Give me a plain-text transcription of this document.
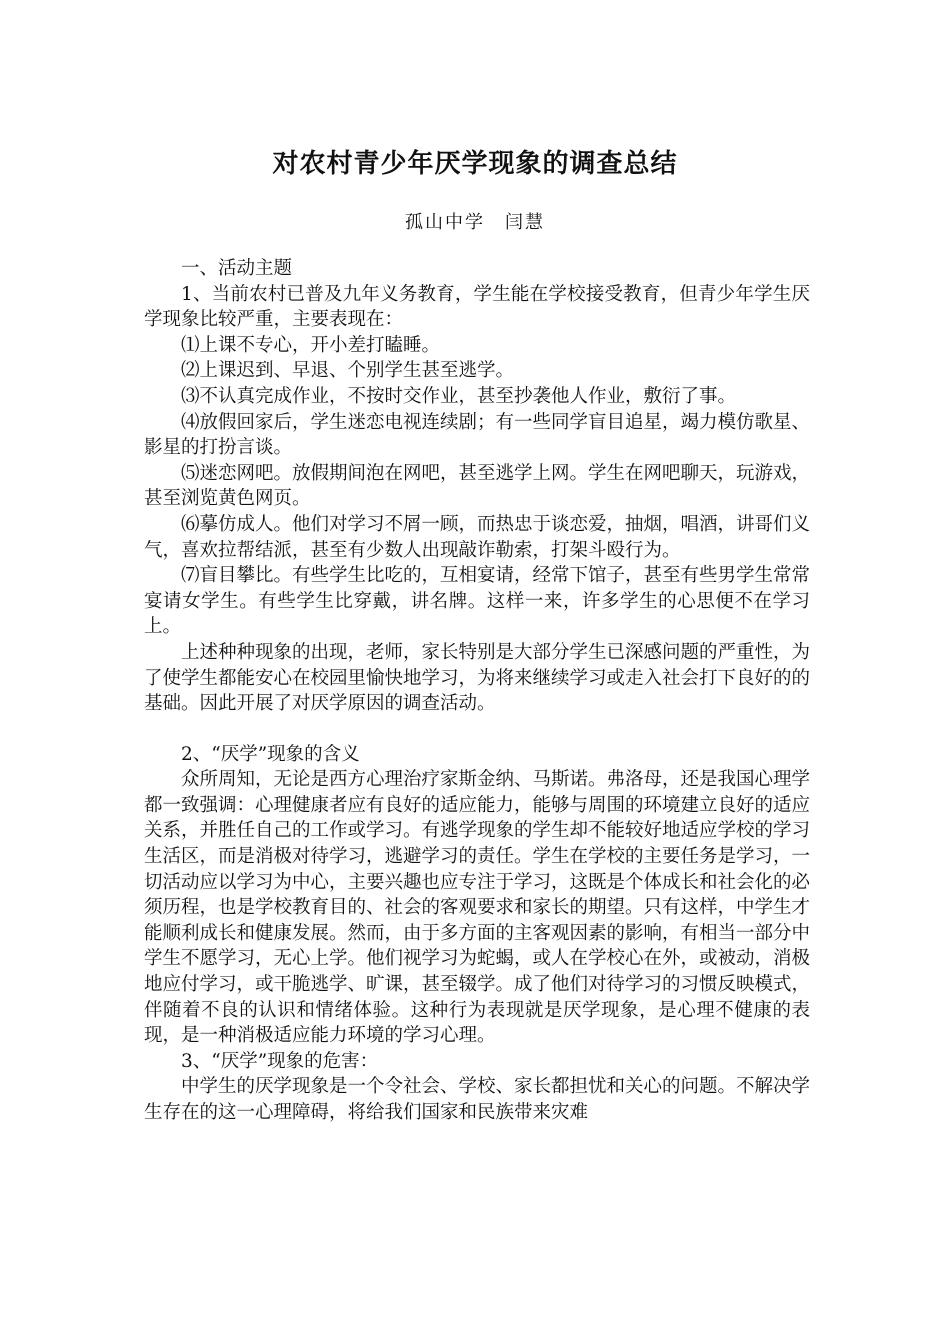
对农村青少年厌学现象的调查总结

孤山中学　闫慧

一、活动主题

1、当前农村已普及九年义务教育，学生能在学校接受教育，但青少年学生厌学现象比较严重，主要表现在：

⑴上课不专心，开小差打瞌睡。

⑵上课迟到、早退、个别学生甚至逃学。

⑶不认真完成作业，不按时交作业，甚至抄袭他人作业，敷衍了事。

⑷放假回家后，学生迷恋电视连续剧；有一些同学盲目追星，竭力模仿歌星、影星的打扮言谈。

⑸迷恋网吧。放假期间泡在网吧，甚至逃学上网。学生在网吧聊天，玩游戏，甚至浏览黄色网页。

⑹摹仿成人。他们对学习不屑一顾，而热忠于谈恋爱，抽烟，唱酒，讲哥们义气，喜欢拉帮结派，甚至有少数人出现敲诈勒索，打架斗殴行为。

⑺盲目攀比。有些学生比吃的，互相宴请，经常下馆子，甚至有些男学生常常宴请女学生。有些学生比穿戴，讲名牌。这样一来，许多学生的心思便不在学习上。

上述种种现象的出现，老师，家长特别是大部分学生已深感问题的严重性，为了使学生都能安心在校园里愉快地学习，为将来继续学习或走入社会打下良好的的基础。因此开展了对厌学原因的调查活动。

2、“厌学”现象的含义

众所周知，无论是西方心理治疗家斯金纳、马斯诺。弗洛母，还是我国心理学都一致强调：心理健康者应有良好的适应能力，能够与周围的环境建立良好的适应关系，并胜任自己的工作或学习。有逃学现象的学生却不能较好地适应学校的学习生活区，而是消极对待学习，逃避学习的责任。学生在学校的主要任务是学习，一切活动应以学习为中心，主要兴趣也应专注于学习，这既是个体成长和社会化的必须历程，也是学校教育目的、社会的客观要求和家长的期望。只有这样，中学生才能顺利成长和健康发展。然而，由于多方面的主客观因素的影响，有相当一部分中学生不愿学习，无心上学。他们视学习为蛇蝎，或人在学校心在外，或被动，消极地应付学习，或干脆逃学、旷课，甚至辍学。成了他们对待学习的习惯反映模式，伴随着不良的认识和情绪体验。这种行为表现就是厌学现象，是心理不健康的表现，是一种消极适应能力环境的学习心理。

3、“厌学”现象的危害：

中学生的厌学现象是一个令社会、学校、家长都担忧和关心的问题。不解决学生存在的这一心理障碍，将给我们国家和民族带来灾难
